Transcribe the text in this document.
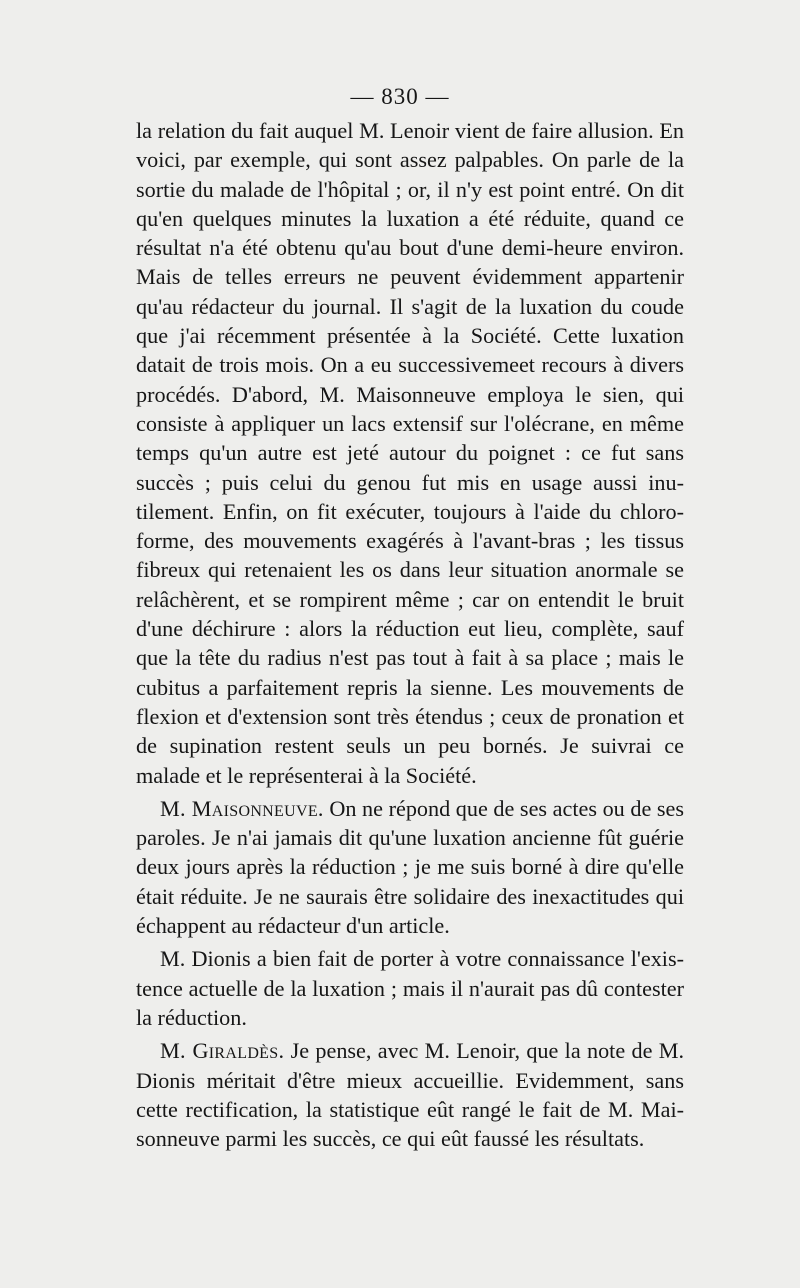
— 830 —

la relation du fait auquel M. Lenoir vient de faire allusion. En voici, par exemple, qui sont assez palpables. On parle de la sortie du malade de l'hôpital ; or, il n'y est point entré. On dit qu'en quelques minutes la luxation a été réduite, quand ce résultat n'a été obtenu qu'au bout d'une demi-heure environ. Mais de telles erreurs ne peuvent évidemment appartenir qu'au rédacteur du journal. Il s'agit de la luxation du coude que j'ai récemment présentée à la Société. Cette luxation datait de trois mois. On a eu successivemeet recours à divers procédés. D'abord, M. Maisonneuve employa le sien, qui consiste à appliquer un lacs extensif sur l'olécrane, en même temps qu'un autre est jeté autour du poignet : ce fut sans succès ; puis celui du genou fut mis en usage aussi inutilement. Enfin, on fit exécuter, toujours à l'aide du chloroforme, des mouvements exagérés à l'avant-bras ; les tissus fibreux qui retenaient les os dans leur situation anormale se relâchèrent, et se rompirent même ; car on entendit le bruit d'une déchirure : alors la réduction eut lieu, complète, sauf que la tête du radius n'est pas tout à fait à sa place ; mais le cubitus a parfaitement repris la sienne. Les mouvements de flexion et d'extension sont très étendus ; ceux de pronation et de supination restent seuls un peu bornés. Je suivrai ce malade et le représenterai à la Société.

M. Maisonneuve. On ne répond que de ses actes ou de ses paroles. Je n'ai jamais dit qu'une luxation ancienne fût guérie deux jours après la réduction ; je me suis borné à dire qu'elle était réduite. Je ne saurais être solidaire des inexactitudes qui échappent au rédacteur d'un article.

M. Dionis a bien fait de porter à votre connaissance l'existence actuelle de la luxation ; mais il n'aurait pas dû contester la réduction.

M. Giraldès. Je pense, avec M. Lenoir, que la note de M. Dionis méritait d'être mieux accueillie. Evidemment, sans cette rectification, la statistique eût rangé le fait de M. Maisonneuve parmi les succès, ce qui eût faussé les résultats.
